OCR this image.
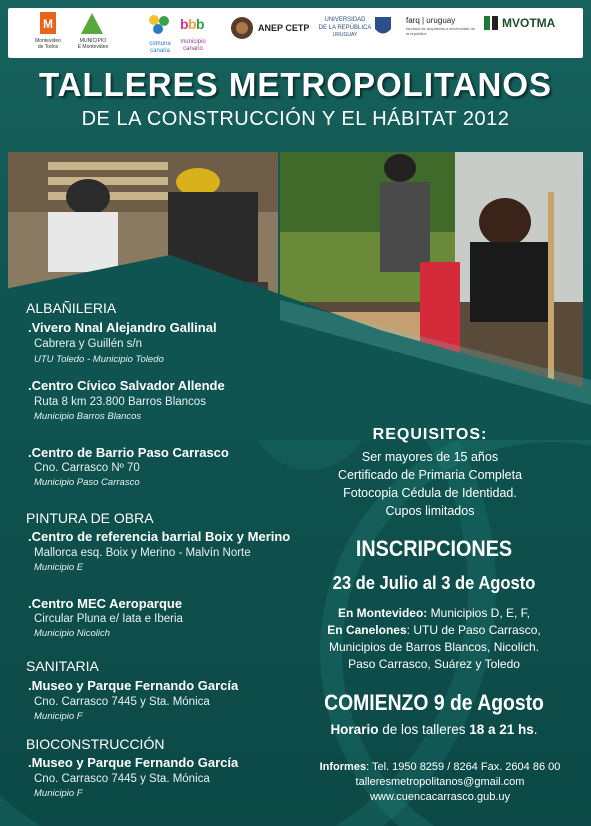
M
Montevideo
de Todos
MUNICIPIO
E Montevideo	comuna
canaria
b b b
municipio
canario
ANEP CETP
UNIVERSIDAD
DE LA REPÚBLICA
URUGUAY
farq | uruguay
facultad de arquitectura universidad de la república
MVOTMA
TALLERES METROPOLITANOS
DE LA CONSTRUCCIÓN Y EL HÁBITAT 2012
ALBAÑILERIA
.Vivero Nnal Alejandro Gallinal
Cabrera y Guillén s/n
UTU Toledo - Municipio Toledo
.Centro Cívico Salvador Allende
Ruta 8 km 23.800 Barros Blancos
Municipio Barros Blancos
.Centro de Barrio Paso Carrasco
Cno. Carrasco Nº 70
Municipio Paso Carrasco
PINTURA DE OBRA
.Centro de referencia barrial Boix y Merino
Mallorca esq. Boix y Merino - Malvín Norte
Municipio E
.Centro MEC Aeroparque
Circular Pluna e/ Iata e Iberia
Municipio Nicolich
SANITARIA
.Museo y Parque Fernando García
Cno. Carrasco 7445 y Sta. Mónica
Municipio F
BIOCONSTRUCCIÓN
.Museo y Parque Fernando García
Cno. Carrasco 7445 y Sta. Mónica
Municipio F
REQUISITOS:
Ser mayores de 15 años
Certificado de Primaria Completa
Fotocopia Cédula de Identidad.
Cupos limitados
INSCRIPCIONES
23 de Julio al 3 de Agosto
En Montevideo: Municipios D, E, F,
En Canelones: UTU de Paso Carrasco,
Municipios de Barros Blancos, Nicolich.
Paso Carrasco, Suárez y Toledo
COMIENZO 9 de Agosto
Horario de los talleres 18 a 21 hs.
Informes: Tel. 1950 8259 / 8264 Fax. 2604 86 00
talleresmetropolitanos@gmail.com
www.cuencacarrasco.gub.uy
